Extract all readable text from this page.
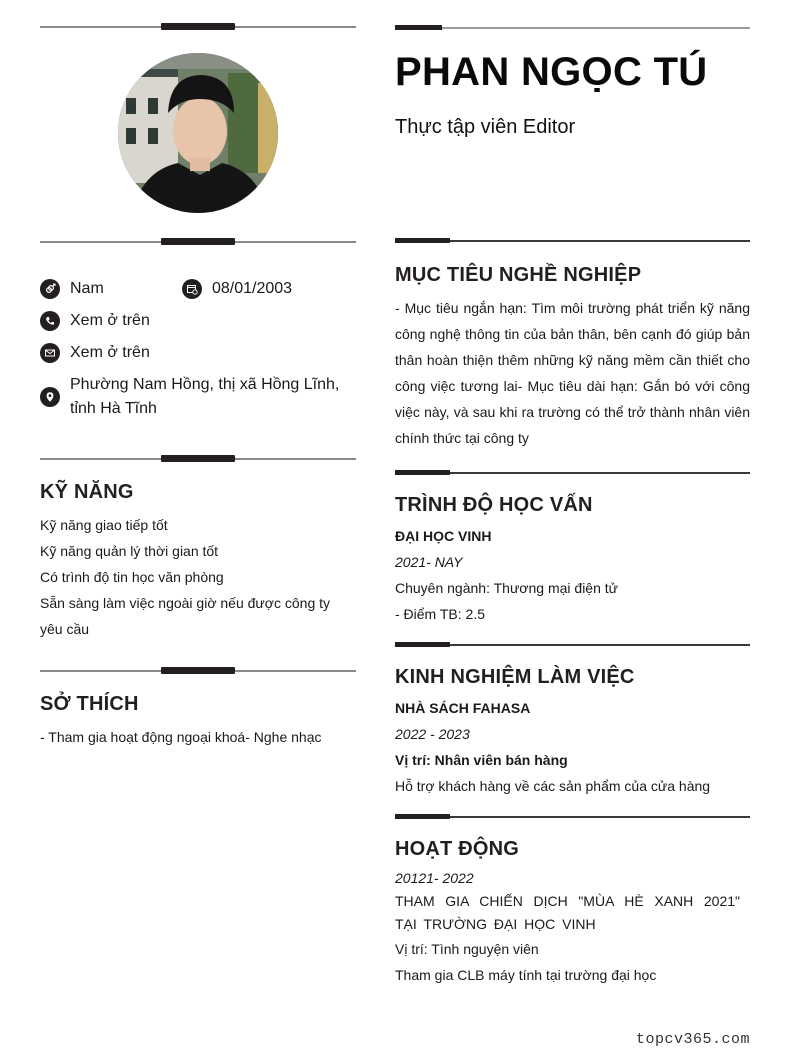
Nam	08/01/2003
Xem ở trên
Xem ở trên
Phường Nam Hồng, thị xã Hồng Lĩnh, tỉnh Hà Tĩnh
KỸ NĂNG
Kỹ năng giao tiếp tốt
Kỹ năng quản lý thời gian tốt
Có trình độ tin học văn phòng
Sẵn sàng làm việc ngoài giờ nếu được công ty yêu cầu
SỞ THÍCH
- Tham gia hoạt động ngoại khoá- Nghe nhạc
PHAN NGỌC TÚ
Thực tập viên Editor
MỤC TIÊU NGHỀ NGHIỆP
- Mục tiêu ngắn hạn: Tìm môi trường phát triển kỹ năng công nghệ thông tin của bản thân, bên cạnh đó giúp bản thân hoàn thiện thêm những kỹ năng mềm cần thiết cho công việc tương lai- Mục tiêu dài hạn: Gắn bó với công việc này, và sau khi ra trường có thể trở thành nhân viên chính thức tại công ty
TRÌNH ĐỘ HỌC VẤN
ĐẠI HỌC VINH
2021- NAY
Chuyên ngành: Thương mại điện tử
- Điểm TB: 2.5
KINH NGHIỆM LÀM VIỆC
NHÀ SÁCH FAHASA
2022 - 2023
Vị trí: Nhân viên bán hàng
Hỗ trợ khách hàng về các sản phẩm của cửa hàng
HOẠT ĐỘNG
20121- 2022
THAM GIA CHIẾN DỊCH "MÙA HÈ XANH 2021" TẠI TRƯỜNG ĐẠI HỌC VINH
Vị trí: Tình nguyện viên
Tham gia CLB máy tính tại trường đại học
topcv365.com
